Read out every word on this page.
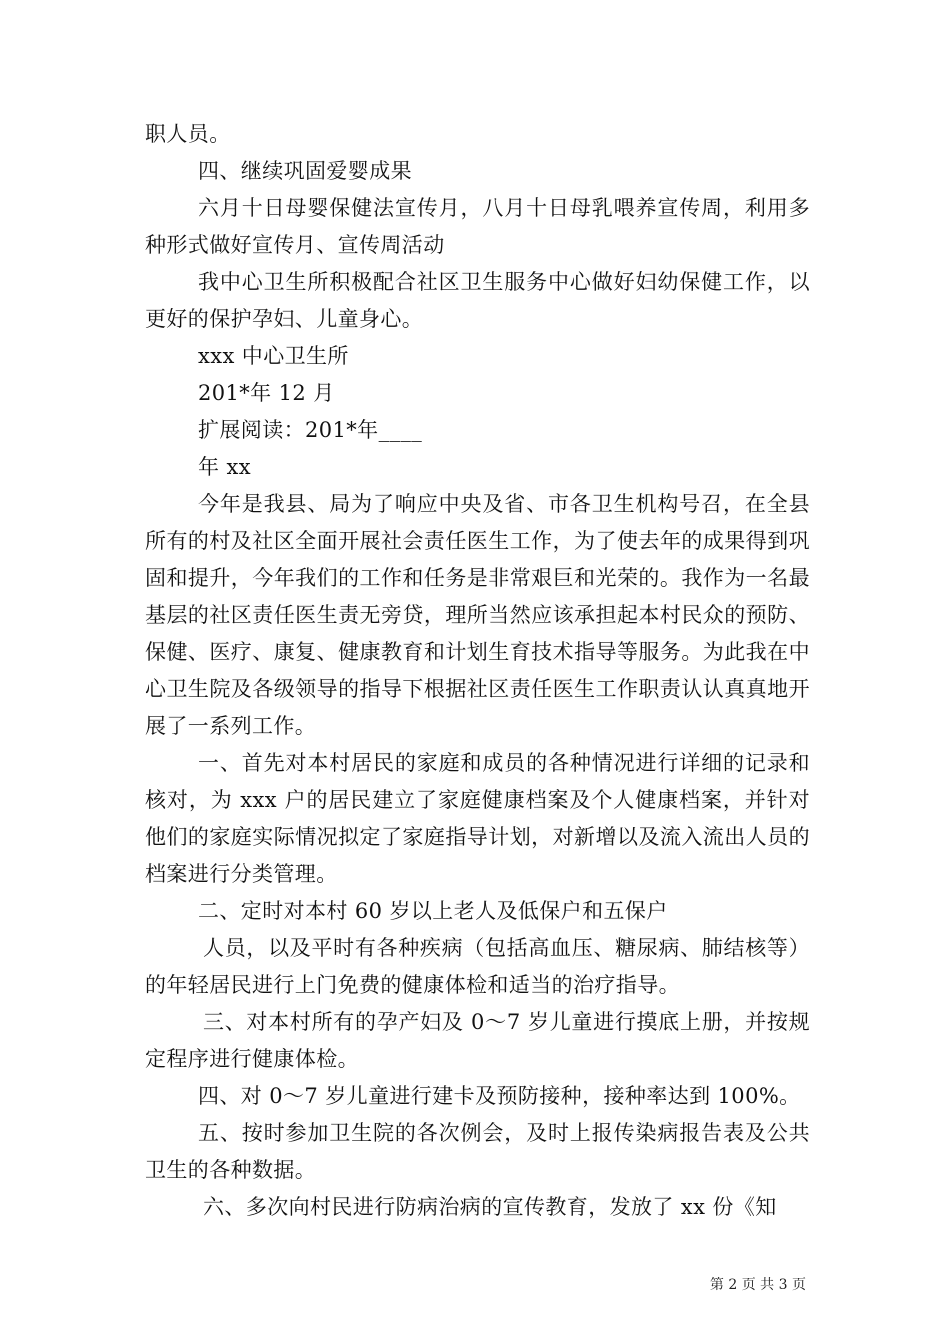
职人员。

四、继续巩固爱婴成果

六月十日母婴保健法宣传月，八月十日母乳喂养宣传周，利用多种形式做好宣传月、宣传周活动

我中心卫生所积极配合社区卫生服务中心做好妇幼保健工作，以更好的保护孕妇、儿童身心。

xxx 中心卫生所

201*年 12 月

扩展阅读：201*年____

年 xx

今年是我县、局为了响应中央及省、市各卫生机构号召，在全县所有的村及社区全面开展社会责任医生工作，为了使去年的成果得到巩固和提升，今年我们的工作和任务是非常艰巨和光荣的。我作为一名最基层的社区责任医生责无旁贷，理所当然应该承担起本村民众的预防、保健、医疗、康复、健康教育和计划生育技术指导等服务。为此我在中心卫生院及各级领导的指导下根据社区责任医生工作职责认认真真地开展了一系列工作。

一、首先对本村居民的家庭和成员的各种情况进行详细的记录和核对，为 xxx 户的居民建立了家庭健康档案及个人健康档案，并针对他们的家庭实际情况拟定了家庭指导计划，对新增以及流入流出人员的档案进行分类管理。

二、定时对本村 60 岁以上老人及低保户和五保户

人员，以及平时有各种疾病（包括高血压、糖尿病、肺结核等）的年轻居民进行上门免费的健康体检和适当的治疗指导。

三、对本村所有的孕产妇及 0～7 岁儿童进行摸底上册，并按规定程序进行健康体检。

四、对 0～7 岁儿童进行建卡及预防接种，接种率达到 100%。

五、按时参加卫生院的各次例会，及时上报传染病报告表及公共卫生的各种数据。

六、多次向村民进行防病治病的宣传教育，发放了 xx 份《知

第 2 页 共 3 页
